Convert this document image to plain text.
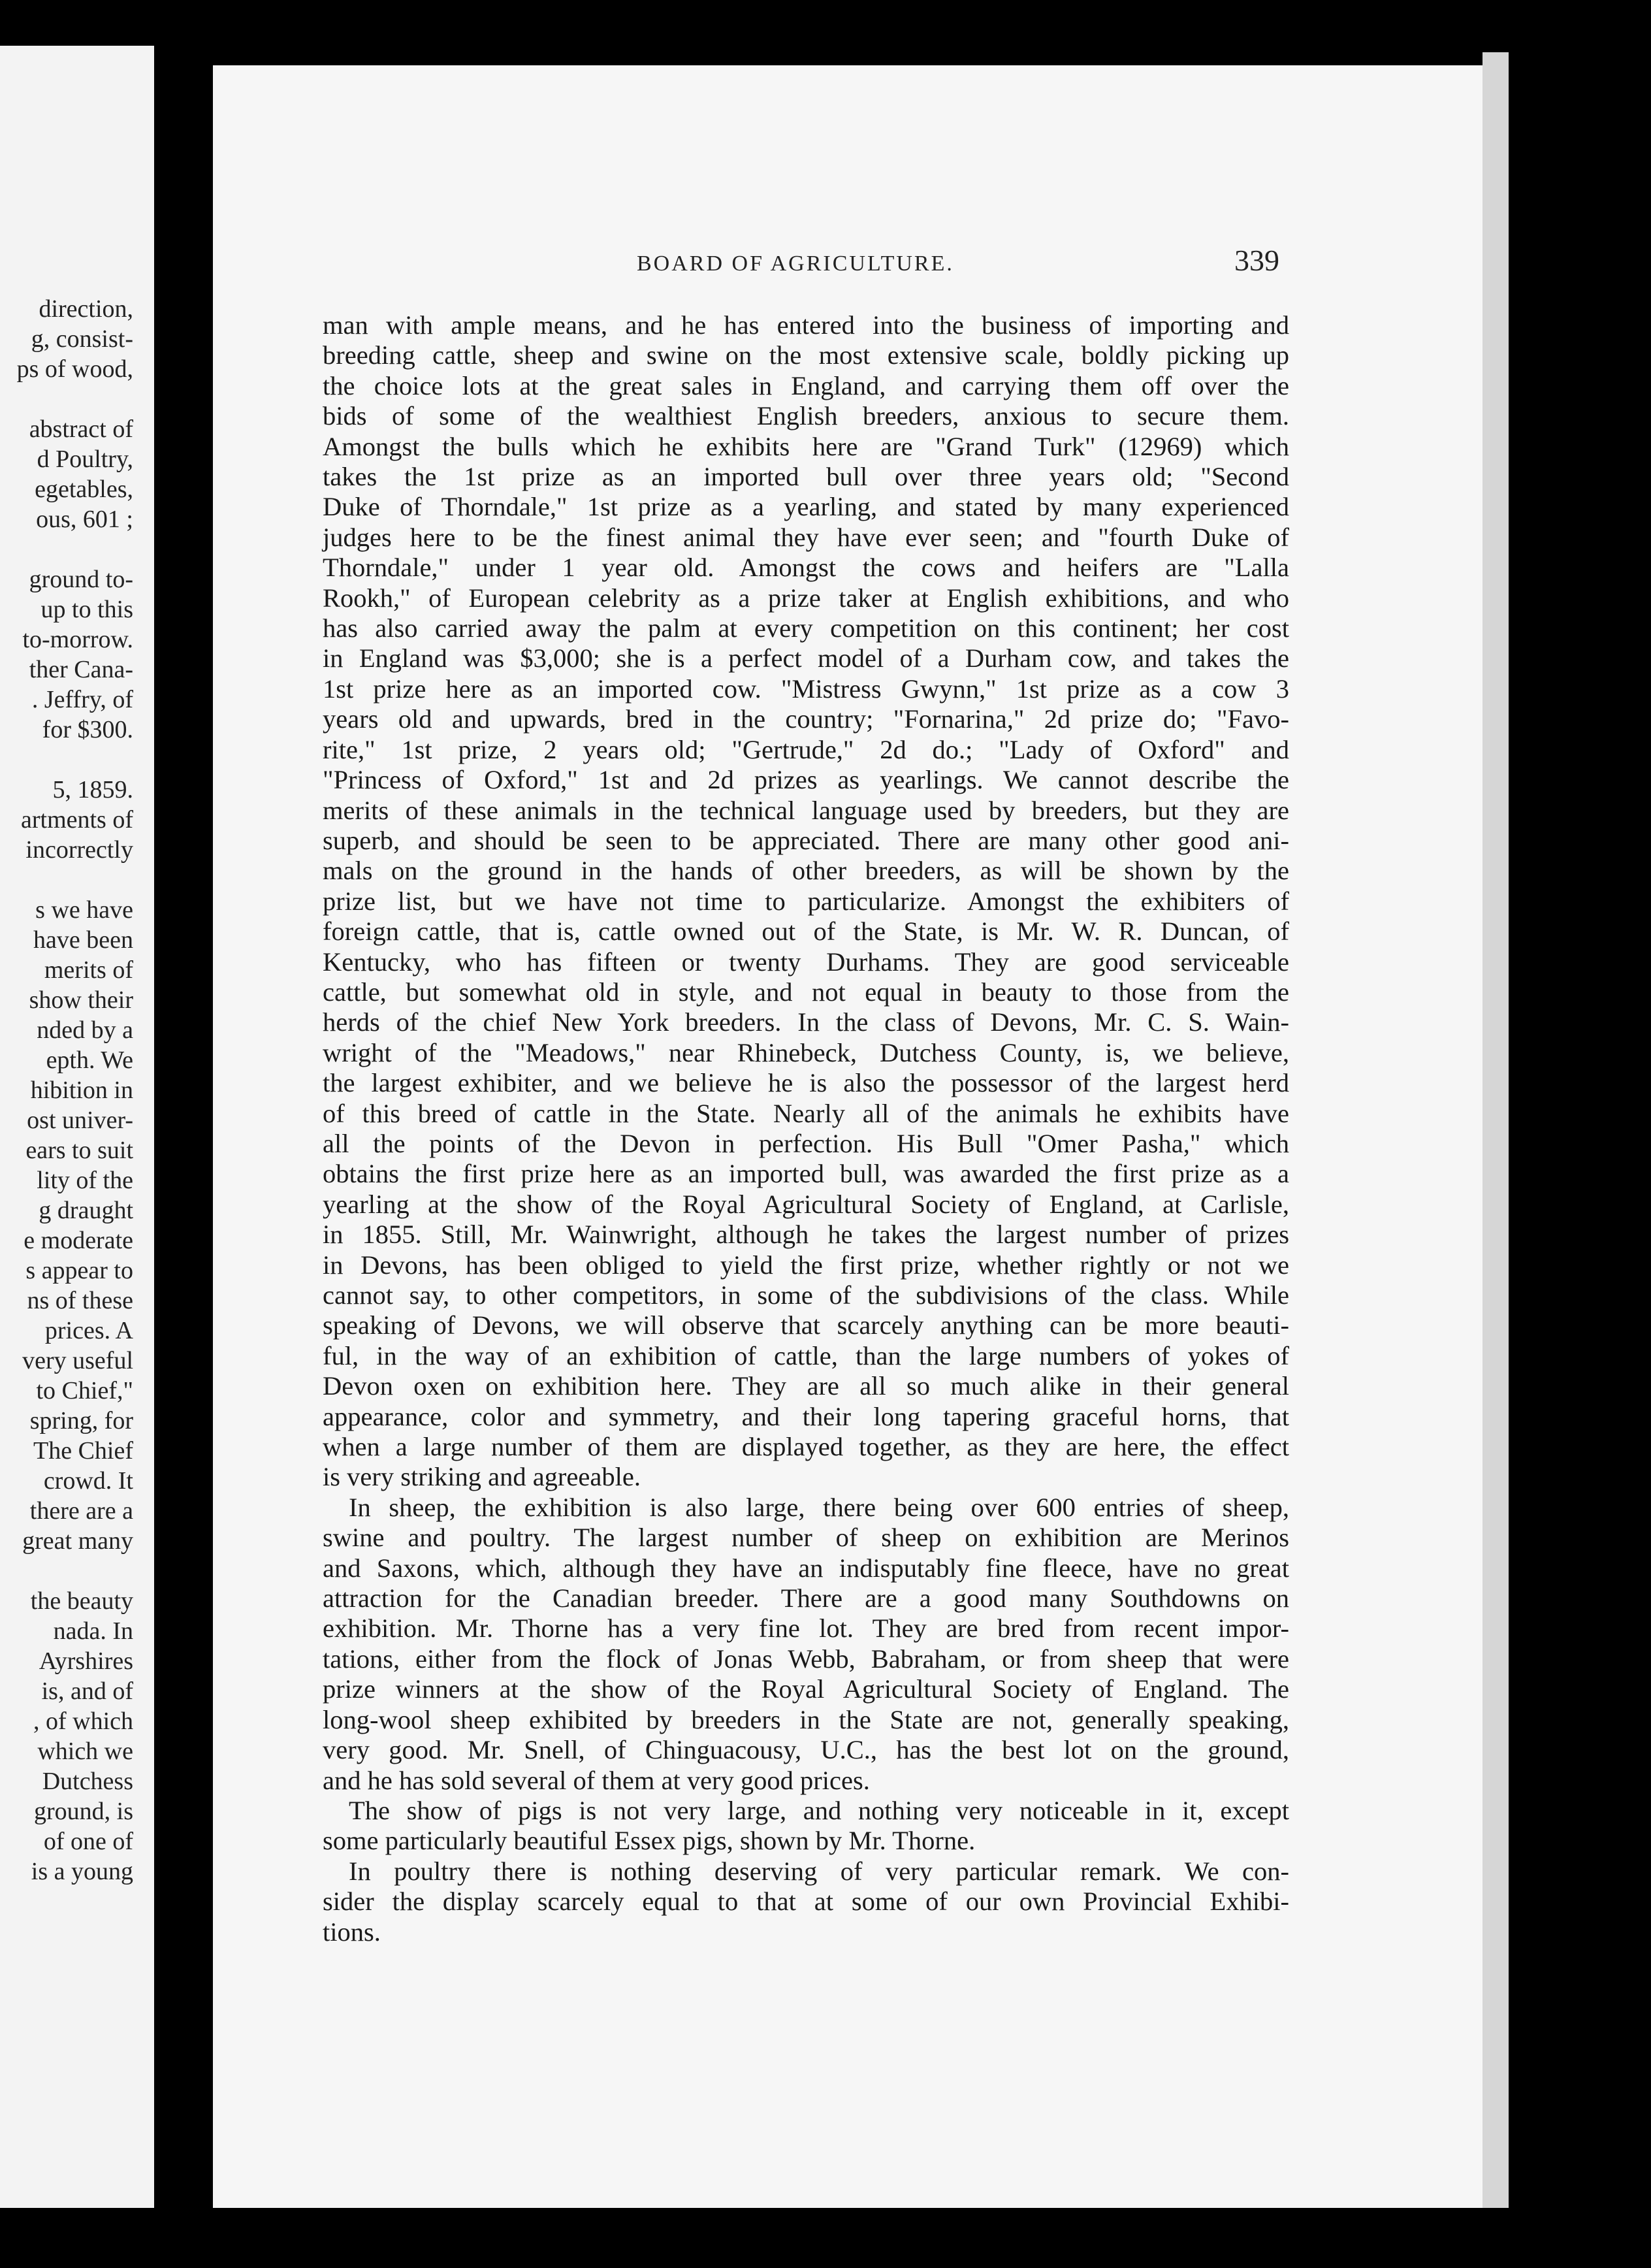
direction,
g, consist-
ps of wood,
abstract of
d Poultry,
egetables,
ous, 601 ;
ground to-
up to this
to-morrow.
ther Cana-
. Jeffry, of
for $300.
5, 1859.
artments of
incorrectly
s we have
have been
merits of
show their
nded by a
epth. We
hibition in
ost univer-
ears to suit
lity of the
g draught
e moderate
s appear to
ns of these
prices. A
very useful
to Chief,"
spring, for
The Chief
crowd. It
there are a
great many
the beauty
nada. In
Ayrshires
is, and of
, of which
which we
Dutchess
ground, is
of one of
is a young
BOARD OF AGRICULTURE.	339
man with ample means, and he has entered into the business of importing and
breeding cattle, sheep and swine on the most extensive scale, boldly picking up
the choice lots at the great sales in England, and carrying them off over the
bids of some of the wealthiest English breeders, anxious to secure them.
Amongst the bulls which he exhibits here are "Grand Turk" (12969) which
takes the 1st prize as an imported bull over three years old; "Second
Duke of Thorndale," 1st prize as a yearling, and stated by many experienced
judges here to be the finest animal they have ever seen; and "fourth Duke of
Thorndale," under 1 year old. Amongst the cows and heifers are "Lalla
Rookh," of European celebrity as a prize taker at English exhibitions, and who
has also carried away the palm at every competition on this continent; her cost
in England was $3,000; she is a perfect model of a Durham cow, and takes the
1st prize here as an imported cow. "Mistress Gwynn," 1st prize as a cow 3
years old and upwards, bred in the country; "Fornarina," 2d prize do; "Favo-
rite," 1st prize, 2 years old; "Gertrude," 2d do.; "Lady of Oxford" and
"Princess of Oxford," 1st and 2d prizes as yearlings. We cannot describe the
merits of these animals in the technical language used by breeders, but they are
superb, and should be seen to be appreciated. There are many other good ani-
mals on the ground in the hands of other breeders, as will be shown by the
prize list, but we have not time to particularize. Amongst the exhibiters of
foreign cattle, that is, cattle owned out of the State, is Mr. W. R. Duncan, of
Kentucky, who has fifteen or twenty Durhams. They are good serviceable
cattle, but somewhat old in style, and not equal in beauty to those from the
herds of the chief New York breeders. In the class of Devons, Mr. C. S. Wain-
wright of the "Meadows," near Rhinebeck, Dutchess County, is, we believe,
the largest exhibiter, and we believe he is also the possessor of the largest herd
of this breed of cattle in the State. Nearly all of the animals he exhibits have
all the points of the Devon in perfection. His Bull "Omer Pasha," which
obtains the first prize here as an imported bull, was awarded the first prize as a
yearling at the show of the Royal Agricultural Society of England, at Carlisle,
in 1855. Still, Mr. Wainwright, although he takes the largest number of prizes
in Devons, has been obliged to yield the first prize, whether rightly or not we
cannot say, to other competitors, in some of the subdivisions of the class. While
speaking of Devons, we will observe that scarcely anything can be more beauti-
ful, in the way of an exhibition of cattle, than the large numbers of yokes of
Devon oxen on exhibition here. They are all so much alike in their general
appearance, color and symmetry, and their long tapering graceful horns, that
when a large number of them are displayed together, as they are here, the effect
is very striking and agreeable.
In sheep, the exhibition is also large, there being over 600 entries of sheep,
swine and poultry. The largest number of sheep on exhibition are Merinos
and Saxons, which, although they have an indisputably fine fleece, have no great
attraction for the Canadian breeder. There are a good many Southdowns on
exhibition. Mr. Thorne has a very fine lot. They are bred from recent impor-
tations, either from the flock of Jonas Webb, Babraham, or from sheep that were
prize winners at the show of the Royal Agricultural Society of England. The
long-wool sheep exhibited by breeders in the State are not, generally speaking,
very good. Mr. Snell, of Chinguacousy, U.C., has the best lot on the ground,
and he has sold several of them at very good prices.
The show of pigs is not very large, and nothing very noticeable in it, except
some particularly beautiful Essex pigs, shown by Mr. Thorne.
In poultry there is nothing deserving of very particular remark. We con-
sider the display scarcely equal to that at some of our own Provincial Exhibi-
tions.
